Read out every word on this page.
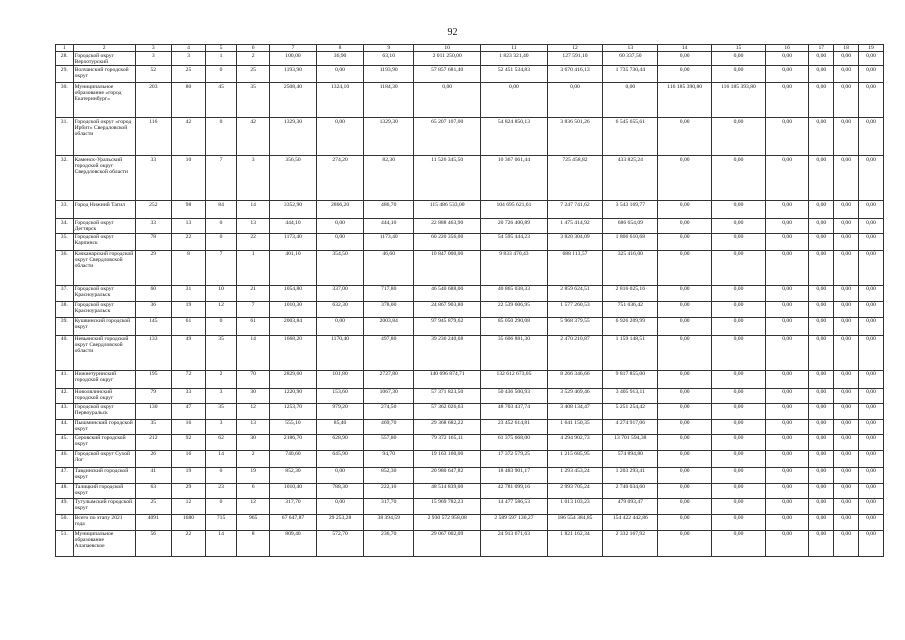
92
1	2	3	4	5	6	7	8	9	10	11	12	13	14	15	16	17	18	19
28.	Городской округ Верхотурский	3	3	1	2	100,00	36,90	63,10	2 011 250,00	1 823 321,40	127 591,10	60 337,50	0,00	0,00	0,00	0,00	0,00	0,00
29.	Волчанский городской округ	52	25	0	25	1193,90	0,00	1193,90	57 857 681,40	52 451 534,83	3 670 416,13	1 735 730,44	0,00	0,00	0,00	0,00	0,00	0,00
30.	Муниципальное образование «город Екатеринбург»	203	80	45	35	2508,40	1324,10	1184,30	0,00	0,00	0,00	0,00	116 185 390,80	116 185 393,80	0,00	0,00	0,00	0,00
31.	Городской округ «город Ирбит» Свердловской области	116	42	0	42	1329,30	0,00	1329,30	65 207 107,00	54 824 850,13	3 836 501,26	6 545 655,61	0,00	0,00	0,00	0,00	0,00	0,00
32.	Каменск-Уральский городской округ Свердловской области	33	10	7	3	356,50	274,20	82,30	11 526 345,50	10 367 061,44	725 458,82	433 825,24	0,00	0,00	0,00	0,00	0,00	0,00
33.	Город Нижний Тагил	252	98	84	14	3352,90	2866,20	486,70	115 486 533,00	104 695 621,61	7 247 741,62	3 543 169,77	0,00	0,00	0,00	0,00	0,00	0,00
34.	Городской округ Дегтярск	33	13	0	13	444,10	0,00	444,10	22 888 463,90	20 726 400,89	1 475 414,92	686 654,09	0,00	0,00	0,00	0,00	0,00	0,00
35.	Городской округ Карпинск	78	22	0	22	1173,40	0,00	1173,40	60 220 356,00	54 595 444,23	3 820 304,09	1 806 610,68	0,00	0,00	0,00	0,00	0,00	0,00
36.	Качканарский городской округ Свердловской области	29	8	7	1	401,10	354,50	46,60	10 847 000,00	9 833 470,43	688 113,57	325 416,00	0,00	0,00	0,00	0,00	0,00	0,00
37.	Городской округ Красноуральск	60	31	10	21	1054,80	337,00	717,80	46 540 688,00	40 865 038,33	2 859 624,51	2 816 025,16	0,00	0,00	0,00	0,00	0,00	0,00
38.	Городской округ Красноуральск	36	19	12	7	1010,30	632,30	378,00	24 867 903,80	22 539 606,95	1 577 260,53	751 036,42	0,00	0,00	0,00	0,00	0,00	0,00
39.	Кушвинский городской округ	145	61	0	61	2003,84	0,00	2003,84	97 945 879,62	85 050 290,08	5 968 379,55	6 926 209,99	0,00	0,00	0,00	0,00	0,00	0,00
40.	Невьянский городской округ Свердловской области	133	49	35	14	1668,20	1170,40	497,80	39 236 240,68	35 606 881,30	2 470 210,87	1 159 148,51	0,00	0,00	0,00	0,00	0,00	0,00
41.	Нижнетуринский городской округ	195	72	2	70	2829,60	101,80	2727,80	140 696 874,71	132 612 673,05	8 266 346,66	9 817 855,00	0,00	0,00	0,00	0,00	0,00	0,00
42.	Новолялинский городской округ	79	33	3	30	1220,90	153,60	1067,30	57 371 823,50	50 436 500,93	3 529 469,46	3 405 913,11	0,00	0,00	0,00	0,00	0,00	0,00
43.	Городской округ Первоуральск	130	47	35	12	1253,70	979,20	274,50	57 362 026,63	48 703 437,74	3 408 134,47	5 251 254,42	0,00	0,00	0,00	0,00	0,00	0,00
44.	Пышминский городской округ	35	16	3	13	555,10	85,40	469,70	29 368 682,22	23 452 614,81	1 641 150,35	4 274 917,06	0,00	0,00	0,00	0,00	0,00	0,00
45.	Серовский городской округ	212	92	62	30	2186,70	628,90	557,80	79 372 165,11	61 375 668,00	4 294 902,73	13 701 594,38	0,00	0,00	0,00	0,00	0,00	0,00
46.	Городской округ Сухой Лог	26	16	14	2	740,60	645,90	94,70	19 163 160,00	17 372 579,25	1 215 685,95	574 894,80	0,00	0,00	0,00	0,00	0,00	0,00
47.	Тавдинский городской округ	41	19	0	19	852,30	0,00	852,30	20 980 647,82	18 483 901,17	1 293 453,24	1 203 293,41	0,00	0,00	0,00	0,00	0,00	0,00
48.	Талицкий городской округ	63	29	23	6	1010,40	788,30	222,10	48 514 839,00	42 781 099,16	2 993 705,24	2 740 034,60	0,00	0,00	0,00	0,00	0,00	0,00
49.	Тугулымский городской округ	25	12	0	12	317,70	0,00	317,70	15 969 782,23	14 477 586,53	1 013 103,23	479 093,47	0,00	0,00	0,00	0,00	0,00	0,00
50.	Всего по этапу 2021 года	4091	1680	715	965	67 647,87	29 253,28	38 394,59	2 930 572 958,08	2 589 597 130,27	186 554 384,85	154 422 442,86	0,00	0,00	0,00	0,00	0,00	0,00
51.	Муниципальное образование Алапаевское	56	22	14	8	809,40	572,70	236,70	29 067 002,09	24 913 671,63	1 821 162,34	2 332 167,92	0,00	0,00	0,00	0,00	0,00	0,00
